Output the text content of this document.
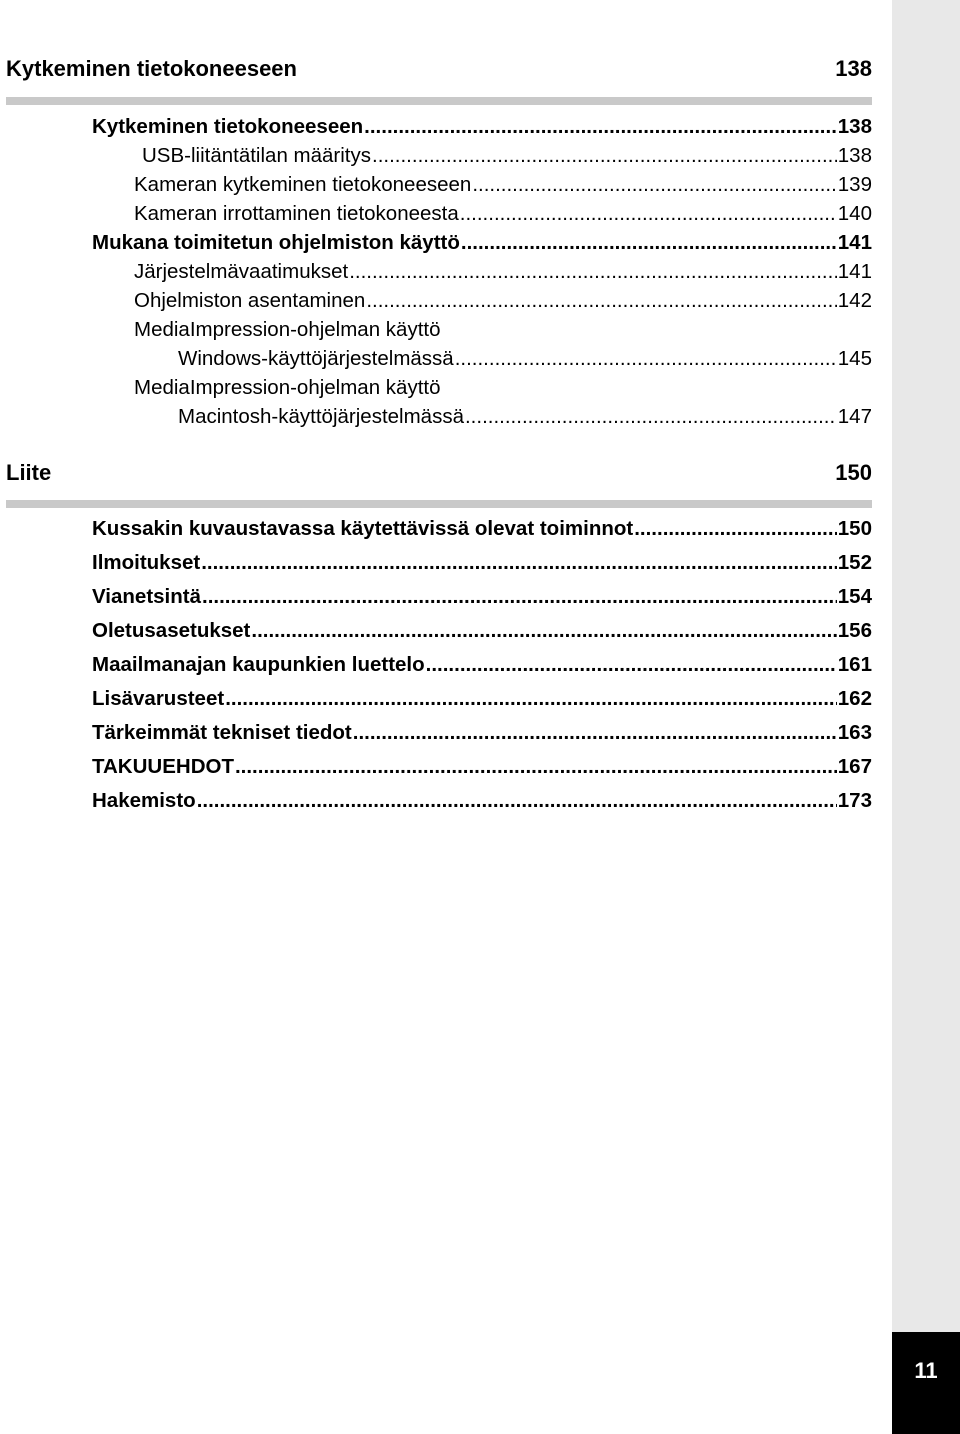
Kytkeminen tietokoneeseen	138
Kytkeminen tietokoneeseen .....	138
USB-liitäntätilan määritys .....	138
Kameran kytkeminen tietokoneeseen .....	139
Kameran irrottaminen tietokoneesta .....	140
Mukana toimitetun ohjelmiston käyttö .....	141
Järjestelmävaatimukset .....	141
Ohjelmiston asentaminen .....	142
MediaImpression-ohjelman käyttö
Windows-käyttöjärjestelmässä .....	145
MediaImpression-ohjelman käyttö
Macintosh-käyttöjärjestelmässä .....	147
Liite	150
Kussakin kuvaustavassa käytettävissä olevat toiminnot .....	150
Ilmoitukset .....	152
Vianetsintä .....	154
Oletusasetukset .....	156
Maailmanajan kaupunkien luettelo .....	161
Lisävarusteet .....	162
Tärkeimmät tekniset tiedot .....	163
TAKUUEHDOT .....	167
Hakemisto .....	173
11
